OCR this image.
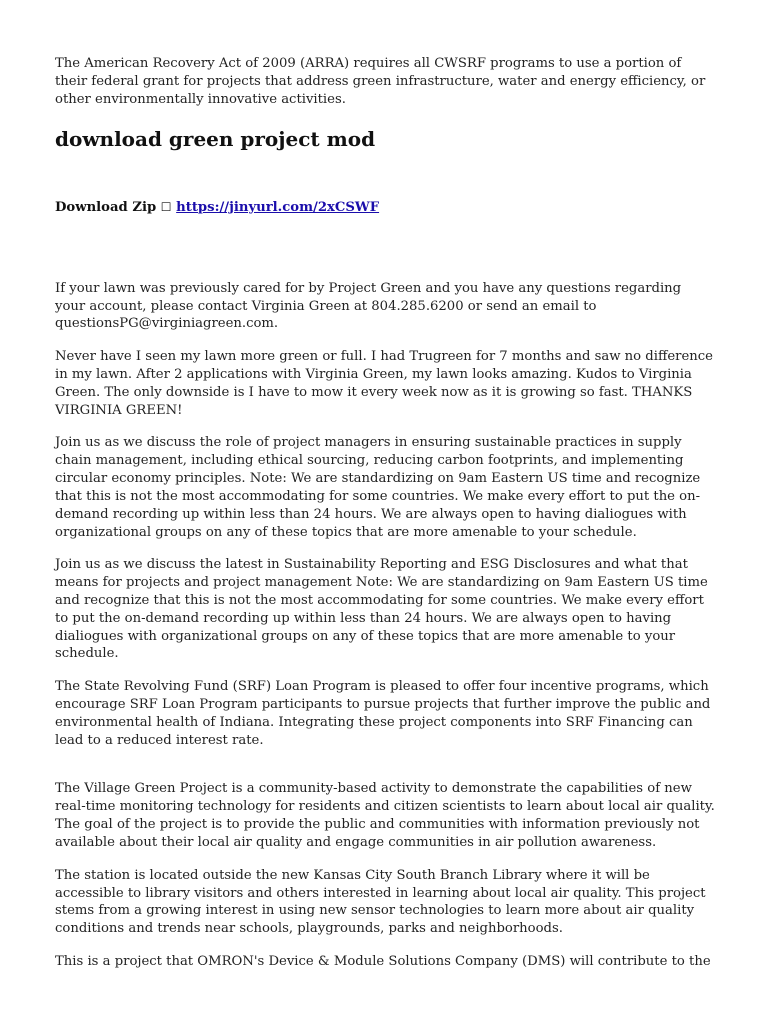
The American Recovery Act of 2009 (ARRA) requires all CWSRF programs to use a portion of their federal grant for projects that address green infrastructure, water and energy efficiency, or other environmentally innovative activities.

download green project mod
Download Zip ☐ https://jinyurl.com/2xCSWF

If your lawn was previously cared for by Project Green and you have any questions regarding your account, please contact Virginia Green at 804.285.6200 or send an email to questionsPG@virginiagreen.com.

Never have I seen my lawn more green or full. I had Trugreen for 7 months and saw no difference in my lawn. After 2 applications with Virginia Green, my lawn looks amazing. Kudos to Virginia Green. The only downside is I have to mow it every week now as it is growing so fast. THANKS VIRGINIA GREEN!

Join us as we discuss the role of project managers in ensuring sustainable practices in supply chain management, including ethical sourcing, reducing carbon footprints, and implementing circular economy principles. Note: We are standardizing on 9am Eastern US time and recognize that this is not the most accommodating for some countries. We make every effort to put the on-demand recording up within less than 24 hours. We are always open to having dialiogues with organizational groups on any of these topics that are more amenable to your schedule.

Join us as we discuss the latest in Sustainability Reporting and ESG Disclosures and what that means for projects and project management Note: We are standardizing on 9am Eastern US time and recognize that this is not the most accommodating for some countries. We make every effort to put the on-demand recording up within less than 24 hours. We are always open to having dialiogues with organizational groups on any of these topics that are more amenable to your schedule.

The State Revolving Fund (SRF) Loan Program is pleased to offer four incentive programs, which encourage SRF Loan Program participants to pursue projects that further improve the public and environmental health of Indiana. Integrating these project components into SRF Financing can lead to a reduced interest rate.

The Village Green Project is a community-based activity to demonstrate the capabilities of new real-time monitoring technology for residents and citizen scientists to learn about local air quality. The goal of the project is to provide the public and communities with information previously not available about their local air quality and engage communities in air pollution awareness.

The station is located outside the new Kansas City South Branch Library where it will be accessible to library visitors and others interested in learning about local air quality. This project stems from a growing interest in using new sensor technologies to learn more about air quality conditions and trends near schools, playgrounds, parks and neighborhoods.

This is a project that OMRON's Device & Module Solutions Company (DMS) will contribute to the
